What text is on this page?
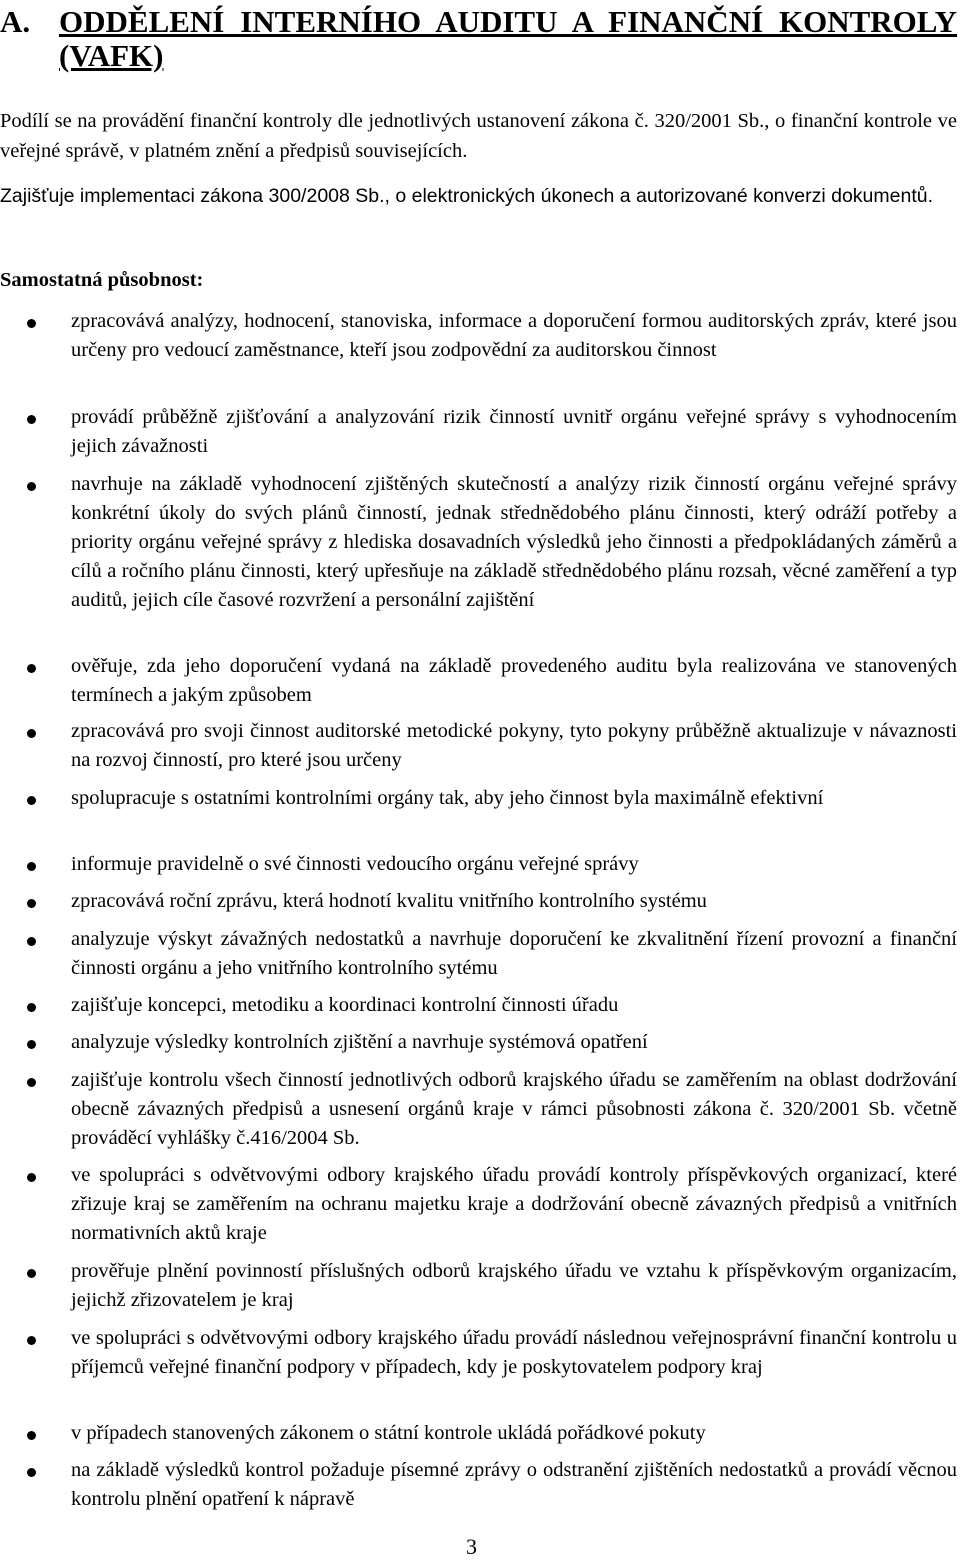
A. ODDĚLENÍ INTERNÍHO AUDITU A FINANČNÍ KONTROLY
(VAFK)

Podílí se na provádění finanční kontroly dle jednotlivých ustanovení zákona č. 320/2001 Sb., o finanční kontrole ve veřejné správě, v platném znění a předpisů souvisejících.

Zajišťuje implementaci zákona 300/2008 Sb., o elektronických úkonech a autorizované konverzi dokumentů.

Samostatná působnost:
zpracovává analýzy, hodnocení, stanoviska, informace a doporučení formou auditorských zpráv, které jsou určeny pro vedoucí zaměstnance, kteří jsou zodpovědní za auditorskou činnost
provádí průběžně zjišťování a analyzování rizik činností uvnitř orgánu veřejné správy s vyhodnocením jejich závažnosti
navrhuje na základě vyhodnocení zjištěných skutečností a analýzy rizik činností orgánu veřejné správy konkrétní úkoly do svých plánů činností, jednak střednědobého plánu činnosti, který odráží potřeby a priority orgánu veřejné správy z hlediska dosavadních výsledků jeho činnosti a předpokládaných záměrů a cílů a ročního plánu činnosti, který upřesňuje na základě střednědobého plánu rozsah, věcné zaměření a typ auditů, jejich cíle časové rozvržení a personální zajištění
ověřuje, zda jeho doporučení vydaná na základě provedeného auditu byla realizována ve stanovených termínech a jakým způsobem
zpracovává pro svoji činnost auditorské metodické pokyny, tyto pokyny průběžně aktualizuje v návaznosti na rozvoj činností, pro které jsou určeny
spolupracuje s ostatními kontrolními orgány tak, aby jeho činnost byla maximálně efektivní
informuje pravidelně o své činnosti vedoucího orgánu veřejné správy
zpracovává roční zprávu, která hodnotí kvalitu vnitřního kontrolního systému
analyzuje výskyt závažných nedostatků a navrhuje doporučení ke zkvalitnění řízení provozní a finanční činnosti orgánu a jeho vnitřního kontrolního sytému
zajišťuje koncepci, metodiku a koordinaci kontrolní činnosti úřadu
analyzuje výsledky kontrolních zjištění a navrhuje systémová opatření
zajišťuje kontrolu všech činností jednotlivých odborů krajského úřadu se zaměřením na oblast dodržování obecně závazných předpisů a usnesení orgánů kraje v rámci působnosti zákona č. 320/2001 Sb. včetně prováděcí vyhlášky č.416/2004 Sb.
ve spolupráci s odvětvovými odbory krajského úřadu provádí kontroly příspěvkových organizací, které zřizuje kraj se zaměřením na ochranu majetku kraje a dodržování obecně závazných předpisů a vnitřních normativních aktů kraje
prověřuje plnění povinností příslušných odborů krajského úřadu ve vztahu k příspěvkovým organizacím, jejichž zřizovatelem je kraj
ve spolupráci s odvětvovými odbory krajského úřadu provádí následnou veřejnosprávní finanční kontrolu u příjemců veřejné finanční podpory v případech, kdy je poskytovatelem podpory kraj
v případech stanovených zákonem o státní kontrole ukládá pořádkové pokuty
na základě výsledků kontrol požaduje písemné zprávy o odstranění zjištěních nedostatků a provádí věcnou kontrolu plnění opatření k nápravě
3
